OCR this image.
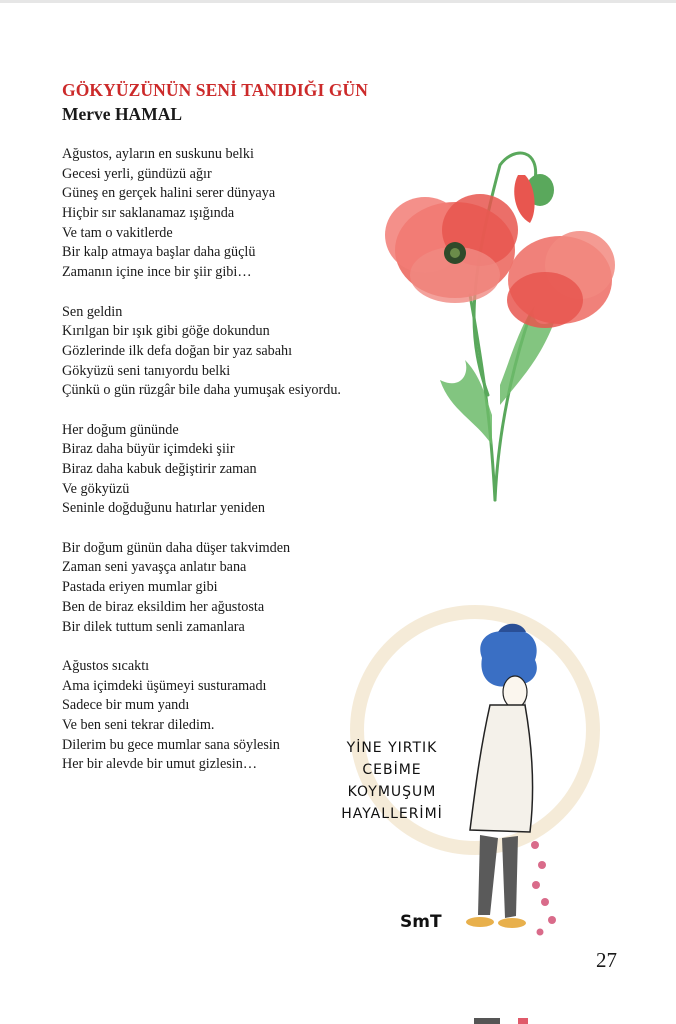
GÖKYÜZÜNÜN SENİ TANIDIĞI GÜN
Merve HAMAL
Ağustos, ayların en suskunu belki
Gecesi yerli, gündüzü ağır
Güneş en gerçek halini serer dünyaya
Hiçbir sır saklanamaz ışığında
Ve tam o vakitlerde
Bir kalp atmaya başlar daha güçlü
Zamanın içine ince bir şiir gibi…
Sen geldin
Kırılgan bir ışık gibi göğe dokundun
Gözlerinde ilk defa doğan bir yaz sabahı
Gökyüzü seni tanıyordu belki
Çünkü o gün rüzgâr bile daha yumuşak esiyordu.
Her doğum gününde
Biraz daha büyür içimdeki şiir
Biraz daha kabuk değiştirir zaman
Ve gökyüzü
Seninle doğduğunu hatırlar yeniden
Bir doğum günün daha düşer takvimden
Zaman seni yavaşça anlatır bana
Pastada eriyen mumlar gibi
Ben de biraz eksildim her ağustosta
Bir dilek tuttum senli zamanlara
Ağustos sıcaktı
Ama içimdeki üşümeyi susturamadı
Sadece bir mum yandı
Ve ben seni tekrar diledim.
Dilerim bu gece mumlar sana söylesin
Her bir alevde bir umut gizlesin…
YİNE YIRTIK
CEBİME
KOYMUŞUM
HAYALLERİMİ
SmT
27
